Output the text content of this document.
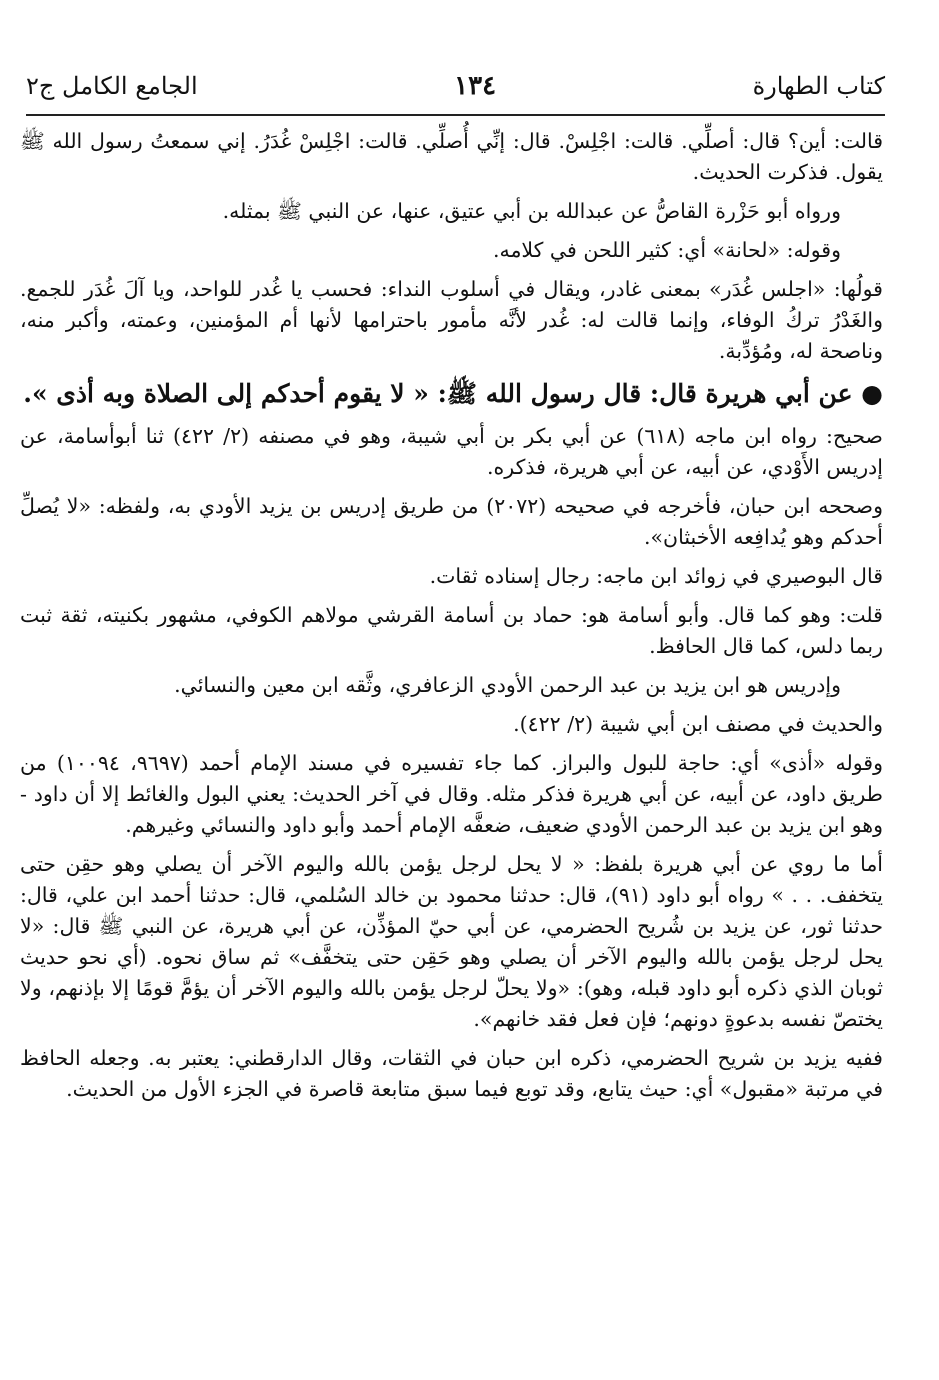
كتاب الطهارة
١٣٤
الجامع الكامل ج٢

قالت: أين؟ قال: أصلِّي. قالت: اجْلِسْ. قال: إنِّي أُصلِّي. قالت: اجْلِسْ غُدَرُ. إني سمعتُ رسول الله ﷺ يقول. فذكرت الحديث.

ورواه أبو حَزْرة القاصُّ عن عبدالله بن أبي عتيق، عنها، عن النبي ﷺ بمثله.

وقوله: «لحانة» أي: كثير اللحن في كلامه.

قولُها: «اجلس غُدَر» بمعنى غادر، ويقال في أسلوب النداء: فحسب يا غُدر للواحد، ويا آلَ غُدَر للجمع. والغَدْرُ تركُ الوفاء، وإنما قالت له: غُدر لأنَّه مأمور باحترامها لأنها أم المؤمنين، وعمته، وأكبر منه، وناصحة له، ومُؤدِّبة.

● عن أبي هريرة قال: قال رسول الله ﷺ: « لا يقوم أحدكم إلى الصلاة وبه أذى ».

صحيح: رواه ابن ماجه (٦١٨) عن أبي بكر بن أبي شيبة، وهو في مصنفه (٢/ ٤٢٢) ثنا أبوأسامة، عن إدريس الأَوْدي، عن أبيه، عن أبي هريرة، فذكره.

وصححه ابن حبان، فأخرجه في صحيحه (٢٠٧٢) من طريق إدريس بن يزيد الأودي به، ولفظه: «لا يُصلِّ أحدكم وهو يُدافِعه الأخبثان».

قال البوصيري في زوائد ابن ماجه: رجال إسناده ثقات.

قلت: وهو كما قال. وأبو أسامة هو: حماد بن أسامة القرشي مولاهم الكوفي، مشهور بكنيته، ثقة ثبت ربما دلس، كما قال الحافظ.

وإدريس هو ابن يزيد بن عبد الرحمن الأودي الزعافري، وثَّقه ابن معين والنسائي.

والحديث في مصنف ابن أبي شيبة (٢/ ٤٢٢).

وقوله «أذى» أي: حاجة للبول والبراز. كما جاء تفسيره في مسند الإمام أحمد (٩٦٩٧، ١٠٠٩٤) من طريق داود، عن أبيه، عن أبي هريرة فذكر مثله. وقال في آخر الحديث: يعني البول والغائط إلا أن داود - وهو ابن يزيد بن عبد الرحمن الأودي ضعيف، ضعفَّه الإمام أحمد وأبو داود والنسائي وغيرهم.

أما ما روي عن أبي هريرة بلفظ: « لا يحل لرجل يؤمن بالله واليوم الآخر أن يصلي وهو حقِن حتى يتخفف. . . » رواه أبو داود (٩١)، قال: حدثنا محمود بن خالد السُلمي، قال: حدثنا أحمد ابن علي، قال: حدثنا ثور، عن يزيد بن شُريح الحضرمي، عن أبي حيّ المؤذِّن، عن أبي هريرة، عن النبي ﷺ قال: «لا يحل لرجل يؤمن بالله واليوم الآخر أن يصلي وهو حَقِن حتى يتخفَّف» ثم ساق نحوه. (أي نحو حديث ثوبان الذي ذكره أبو داود قبله، وهو): «ولا يحلّ لرجل يؤمن بالله واليوم الآخر أن يؤمَّ قومًا إلا بإذنهم، ولا يختصّ نفسه بدعوةٍ دونهم؛ فإن فعل فقد خانهم».

ففيه يزيد بن شريح الحضرمي، ذكره ابن حبان في الثقات، وقال الدارقطني: يعتبر به. وجعله الحافظ في مرتبة «مقبول» أي: حيث يتابع، وقد توبع فيما سبق متابعة قاصرة في الجزء الأول من الحديث.
